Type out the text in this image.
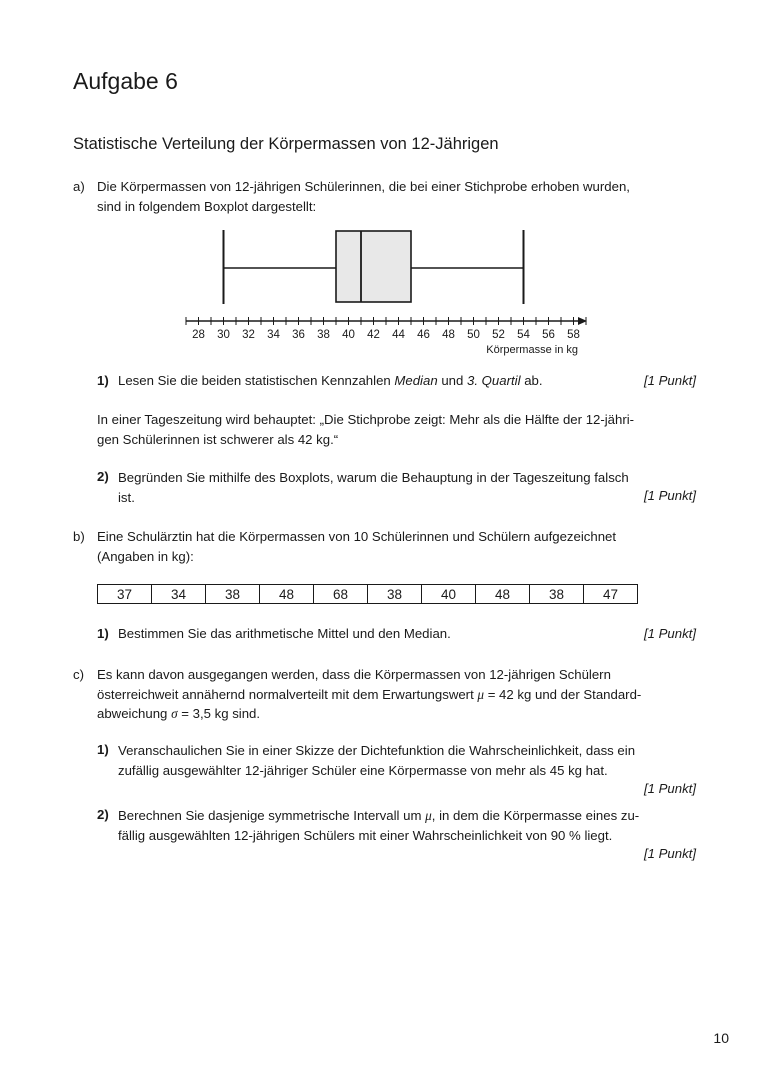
Aufgabe 6
Statistische Verteilung der Körpermassen von 12-Jährigen
a) Die Körpermassen von 12-jährigen Schülerinnen, die bei einer Stichprobe erhoben wurden,
sind in folgendem Boxplot dargestellt:
28 30 32 34 36 38 40 42 44 46 48 50 52 54 56 58
Körpermasse in kg
1) Lesen Sie die beiden statistischen Kennzahlen Median und 3. Quartil ab.	[1 Punkt]
In einer Tageszeitung wird behauptet: „Die Stichprobe zeigt: Mehr als die Hälfte der 12-jähri-
gen Schülerinnen ist schwerer als 42 kg.“
2) Begründen Sie mithilfe des Boxplots, warum die Behauptung in der Tageszeitung falsch
ist.	[1 Punkt]
b) Eine Schulärztin hat die Körpermassen von 10 Schülerinnen und Schülern aufgezeichnet
(Angaben in kg):
37	34	38	48	68	38	40	48	38	47
1) Bestimmen Sie das arithmetische Mittel und den Median.	[1 Punkt]
c) Es kann davon ausgegangen werden, dass die Körpermassen von 12-jährigen Schülern
österreichweit annähernd normalverteilt mit dem Erwartungswert μ = 42 kg und der Standard-
abweichung σ = 3,5 kg sind.
1) Veranschaulichen Sie in einer Skizze der Dichtefunktion die Wahrscheinlichkeit, dass ein
zufällig ausgewählter 12-jähriger Schüler eine Körpermasse von mehr als 45 kg hat.
[1 Punkt]
2) Berechnen Sie dasjenige symmetrische Intervall um μ, in dem die Körpermasse eines zu-
fällig ausgewählten 12-jährigen Schülers mit einer Wahrscheinlichkeit von 90 % liegt.
[1 Punkt]
10
